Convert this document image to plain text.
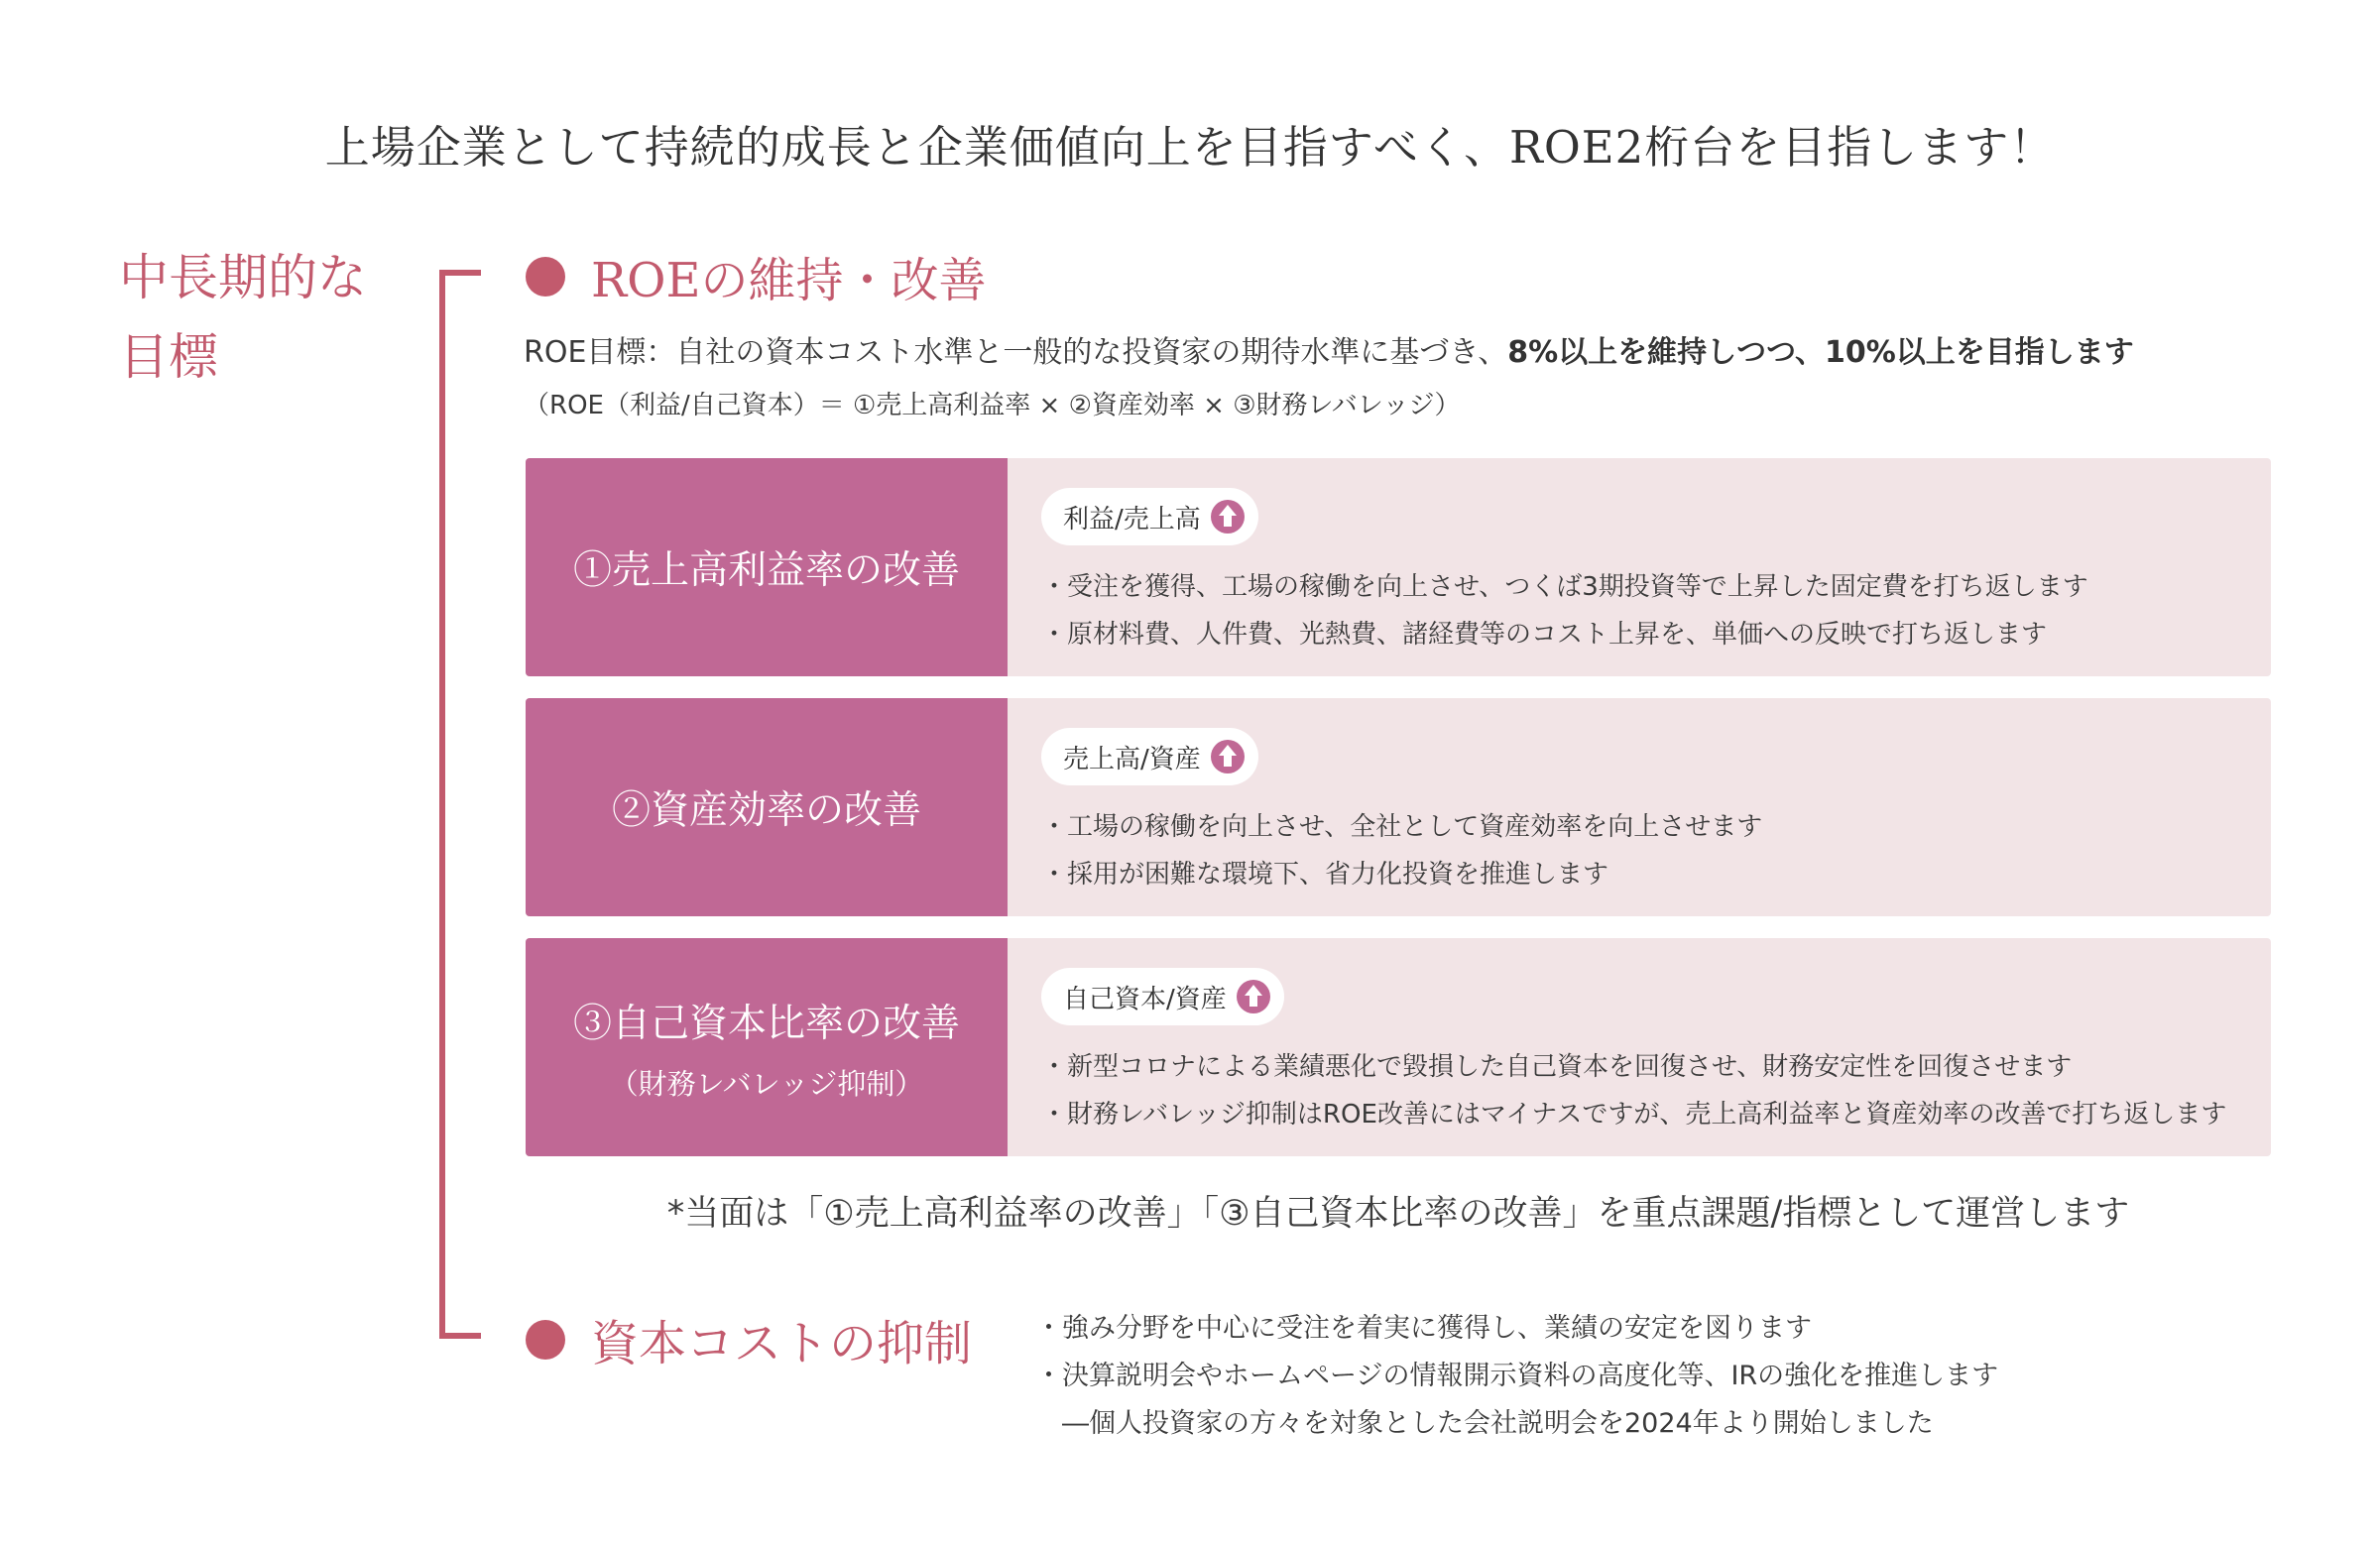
上場企業として持続的成長と企業価値向上を目指すべく、ROE2桁台を目指します！
中長期的な
目標
ROEの維持・改善
ROE目標：自社の資本コスト水準と一般的な投資家の期待水準に基づき、8%以上を維持しつつ、10%以上を目指します
（ROE（利益/自己資本）＝ ①売上高利益率 × ②資産効率 × ③財務レバレッジ）
①売上高利益率の改善
利益/売上高
・受注を獲得、工場の稼働を向上させ、つくば3期投資等で上昇した固定費を打ち返します
・原材料費、人件費、光熱費、諸経費等のコスト上昇を、単価への反映で打ち返します
②資産効率の改善
売上高/資産
・工場の稼働を向上させ、全社として資産効率を向上させます
・採用が困難な環境下、省力化投資を推進します
③自己資本比率の改善
（財務レバレッジ抑制）
自己資本/資産
・新型コロナによる業績悪化で毀損した自己資本を回復させ、財務安定性を回復させます
・財務レバレッジ抑制はROE改善にはマイナスですが、売上高利益率と資産効率の改善で打ち返します
*当面は「①売上高利益率の改善」「③自己資本比率の改善」を重点課題/指標として運営します
資本コストの抑制 ・強み分野を中心に受注を着実に獲得し、業績の安定を図ります
・決算説明会やホームページの情報開示資料の高度化等、IRの強化を推進します
　―個人投資家の方々を対象とした会社説明会を2024年より開始しました
